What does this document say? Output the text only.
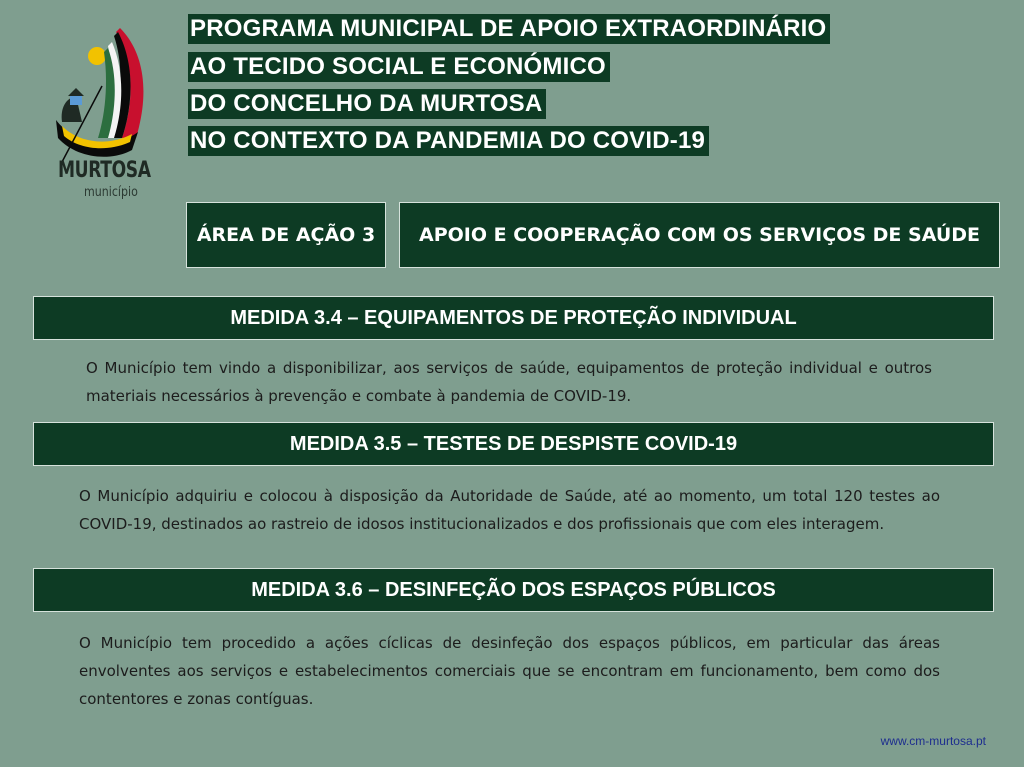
MURTOSA
município
PROGRAMA MUNICIPAL DE APOIO EXTRAORDINÁRIO
AO TECIDO SOCIAL E ECONÓMICO
DO CONCELHO DA MURTOSA
NO CONTEXTO DA PANDEMIA DO COVID-19
ÁREA DE AÇÃO 3	APOIO E COOPERAÇÃO COM OS SERVIÇOS DE SAÚDE
MEDIDA 3.4 – EQUIPAMENTOS DE PROTEÇÃO INDIVIDUAL

O Município tem vindo a disponibilizar, aos serviços de saúde, equipamentos de proteção individual e outros materiais necessários à prevenção e combate à pandemia de COVID-19.

MEDIDA 3.5 – TESTES DE DESPISTE COVID-19

O Município adquiriu e colocou à disposição da Autoridade de Saúde, até ao momento, um total 120 testes ao COVID-19, destinados ao rastreio de idosos institucionalizados e dos profissionais que com eles interagem.

MEDIDA 3.6 – DESINFEÇÃO DOS ESPAÇOS PÚBLICOS

O Município tem procedido a ações cíclicas de desinfeção dos espaços públicos, em particular das áreas envolventes aos serviços e estabelecimentos comerciais que se encontram em funcionamento, bem como dos contentores e zonas contíguas.

www.cm-murtosa.pt
